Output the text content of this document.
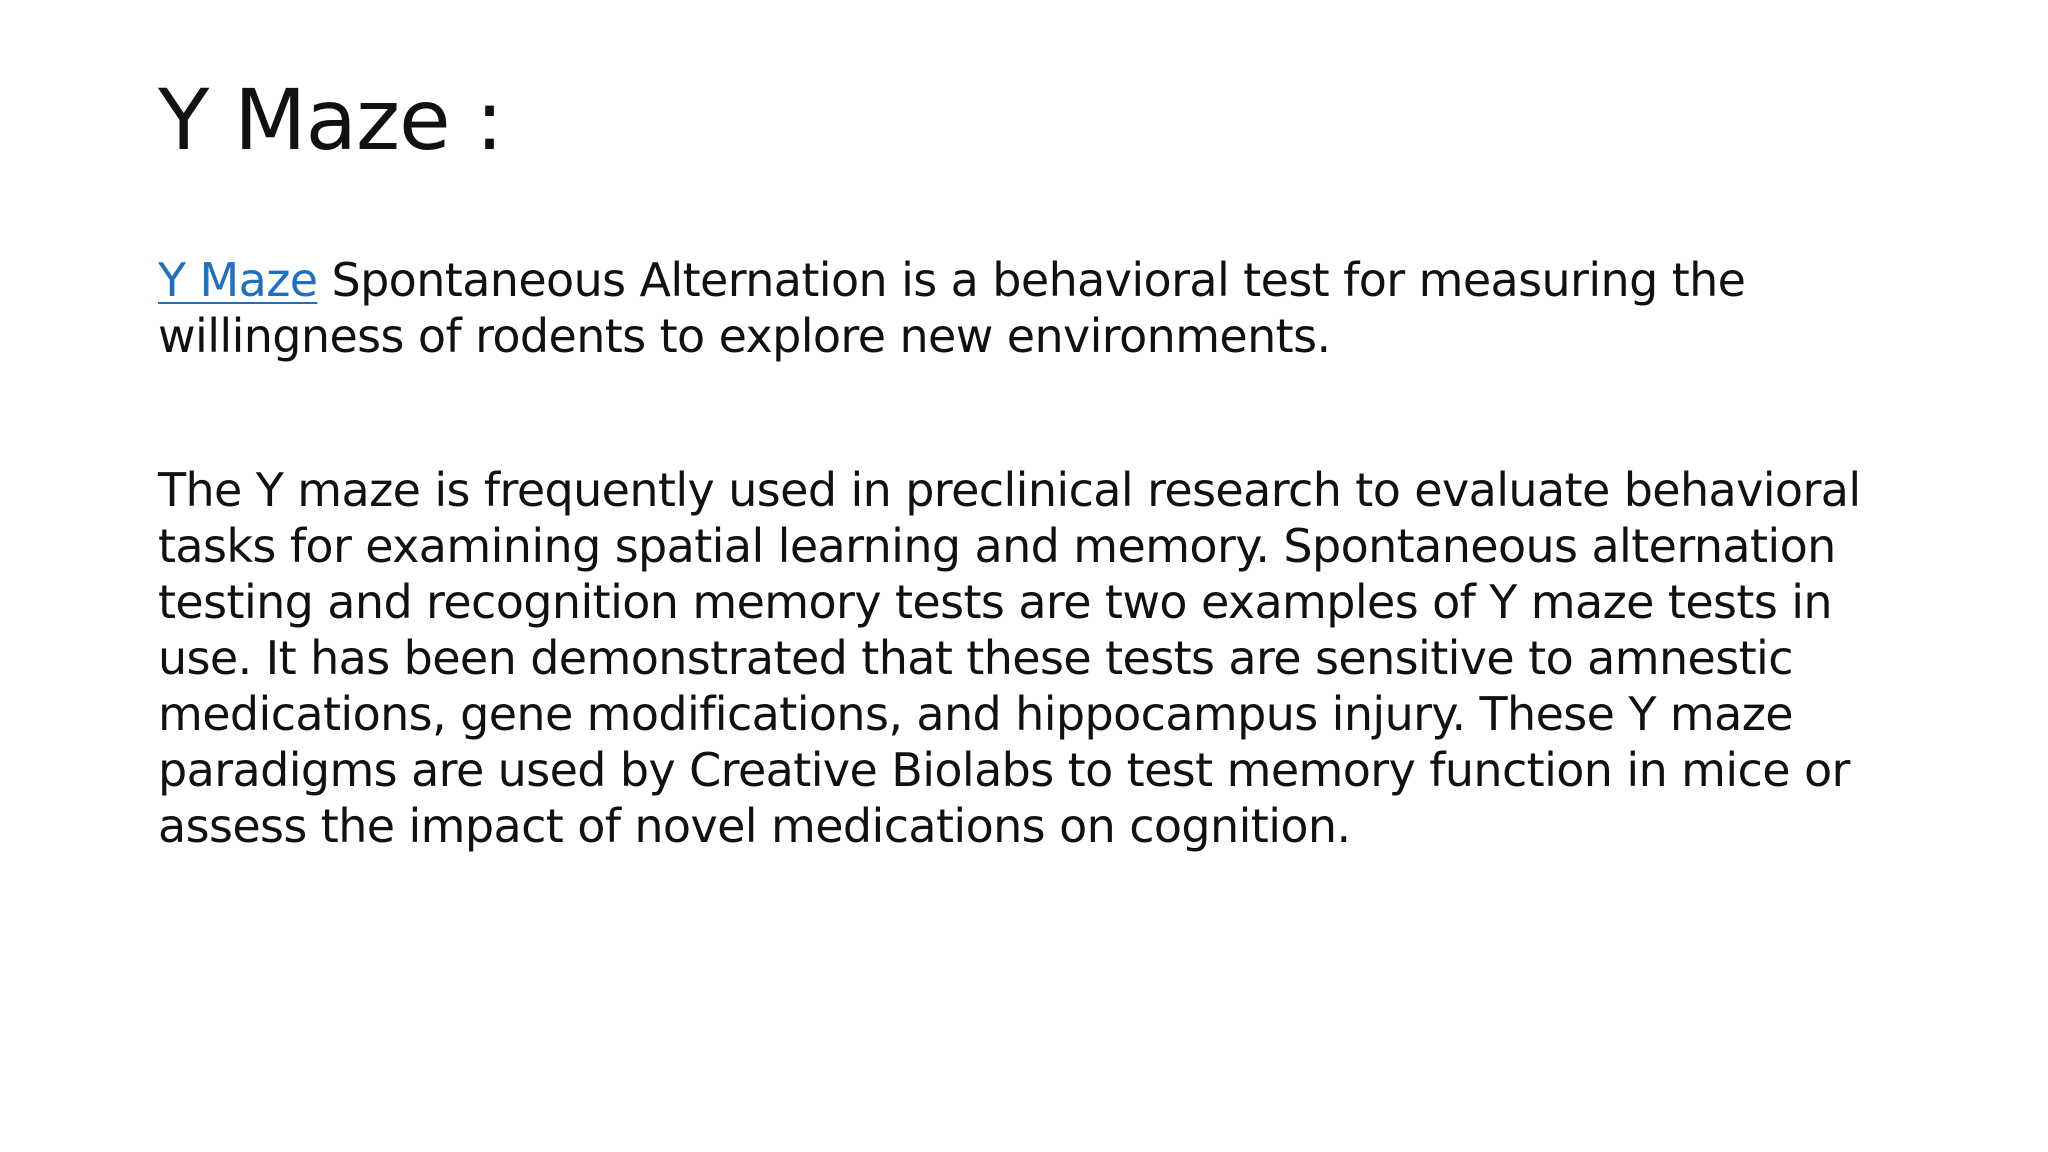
Y Maze :

Y Maze Spontaneous Alternation is a behavioral test for measuring the
willingness of rodents to explore new environments.

The Y maze is frequently used in preclinical research to evaluate behavioral
tasks for examining spatial learning and memory. Spontaneous alternation
testing and recognition memory tests are two examples of Y maze tests in
use. It has been demonstrated that these tests are sensitive to amnestic
medications, gene modifications, and hippocampus injury. These Y maze
paradigms are used by Creative Biolabs to test memory function in mice or
assess the impact of novel medications on cognition.
